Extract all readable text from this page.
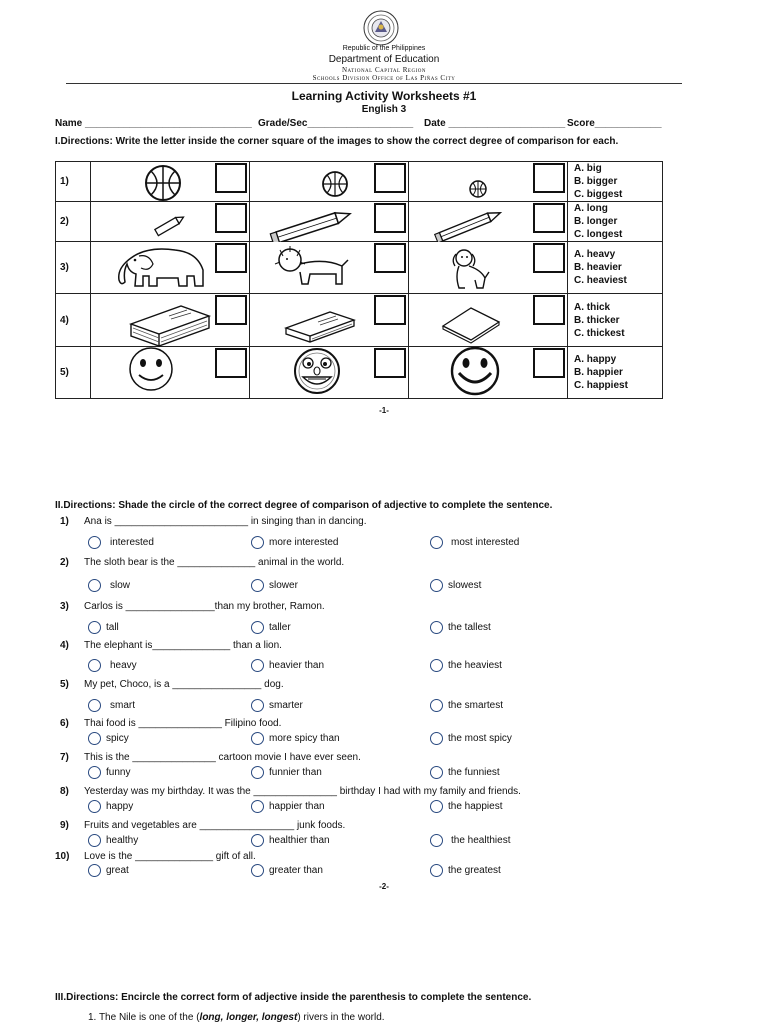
Republic of the Philippines
Department of Education
National Capital Region
Schools Division Office of Las Piñas City
Learning Activity Worksheets #1
English 3
Name ______________________________ Grade/Sec___________________ Date _____________________ Score____________
I.Directions: Write the letter inside the corner square of the images to show the correct degree of comparison for each.
1)				A. big
B. bigger
C. biggest

2)				A. long
B. longer
C. longest

3)				A. heavy
B. heavier
C. heaviest

4)				A. thick
B. thicker
C. thickest

5)				A. happy
B. happier
C. happiest
-1-
II.Directions: Shade the circle of the correct degree of comparison of adjective to complete the sentence.
1) Ana is ________________________ in singing than in dancing.
interested	more interested	most interested
2) The sloth bear is the ______________ animal in the world.
slow	slower	slowest
3) Carlos is ________________than my brother, Ramon.
tall	taller	the tallest
4) The elephant is______________ than a lion.
heavy	heavier than	the heaviest
5) My pet, Choco, is a ________________ dog.
smart	smarter	the smartest
6) Thai food is _______________ Filipino food.
spicy	more spicy than	the most spicy
7) This is the _______________ cartoon movie I have ever seen.
funny	funnier than	the funniest
8) Yesterday was my birthday. It was the _______________ birthday I had with my family and friends.
happy	happier than	the happiest
9) Fruits and vegetables are _________________ junk foods.
healthy	healthier than	the healthiest
10) Love is the ______________ gift of all.
great	greater than	the greatest
-2-
III.Directions: Encircle the correct form of adjective inside the parenthesis to complete the sentence.
1. The Nile is one of the (long, longer, longest) rivers in the world.
